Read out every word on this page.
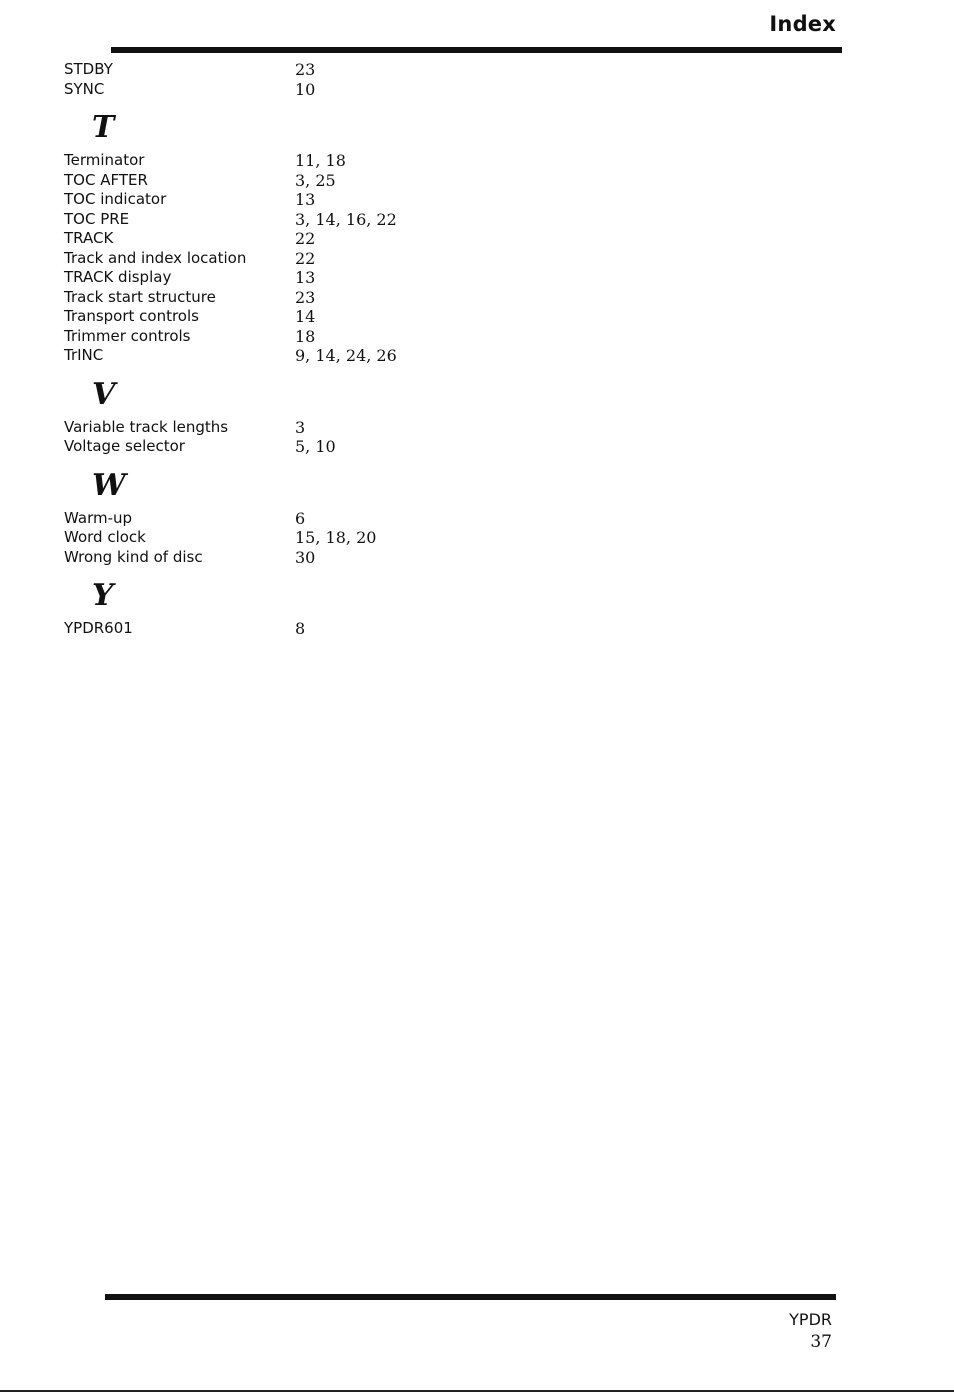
Index
STDBY	23
SYNC	10
T
Terminator	11, 18
TOC AFTER	3, 25
TOC indicator	13
TOC PRE	3, 14, 16, 22
TRACK	22
Track and index location	22
TRACK display	13
Track start structure	23
Transport controls	14
Trimmer controls	18
TrINC	9, 14, 24, 26
V
Variable track lengths	3
Voltage selector	5, 10
W
Warm-up	6
Word clock	15, 18, 20
Wrong kind of disc	30
Y
YPDR601	8
YPDR
37
